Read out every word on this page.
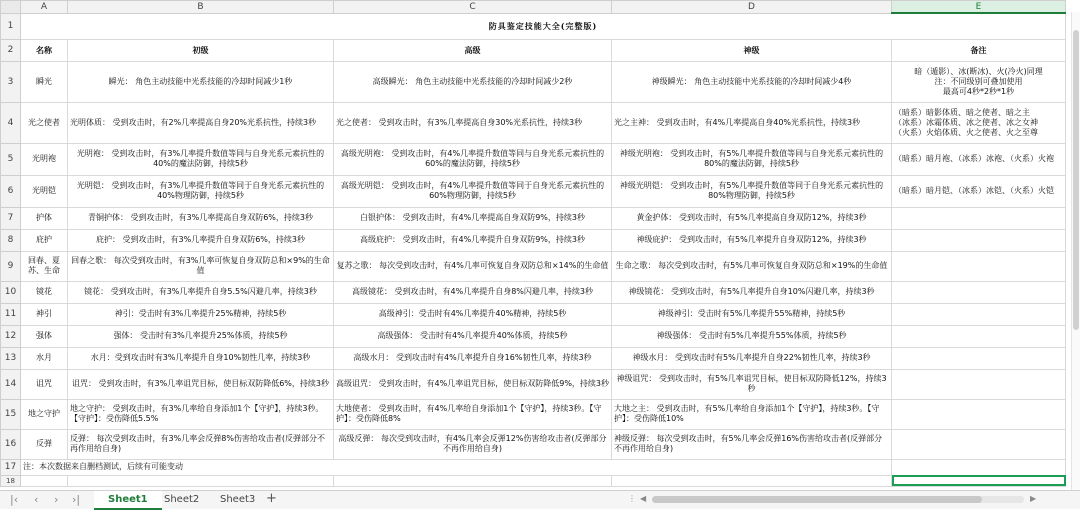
	A	B	C	D	E
1	防具鉴定技能大全(完整版)				
2	名称	初级	高级	神级	备注
3	瞬光	瞬光： 角色主动技能中光系技能的冷却时间减少1秒	高级瞬光： 角色主动技能中光系技能的冷却时间减少2秒	神级瞬光： 角色主动技能中光系技能的冷却时间减少4秒	暗（遁影）、冰(断冰)、火(冷火)同理
注：不同级别可叠加使用
最高可4秒*2秒*1秒
4	光之使者	光明体质： 受到攻击时，有2%几率提高自身20%光系抗性，持续3秒	光之使者： 受到攻击时，有3%几率提高自身30%光系抗性，持续3秒	光之主神： 受到攻击时，有4%几率提高自身40%光系抗性，持续3秒	（暗系）暗影体质、暗之使者、暗之主
（冰系）冰霜体质、冰之使者、冰之女神
（火系）火焰体质、火之使者、火之至尊
5	光明袍	光明袍： 受到攻击时，有3%几率提升数值等同与自身光系元素抗性的40%的魔法防御，持续5秒	高级光明袍： 受到攻击时，有4%几率提升数值等同与自身光系元素抗性的60%的魔法防御，持续5秒	神级光明袍： 受到攻击时，有5%几率提升数值等同与自身光系元素抗性的80%的魔法防御，持续5秒	（暗系）暗月袍、（冰系）冰袍、（火系）火袍
6	光明铠	光明铠： 受到攻击时，有3%几率提升数值等同于自身光系元素抗性的40%物理防御，持续5秒	高级光明铠： 受到攻击时，有4%几率提升数值等同于自身光系元素抗性的60%物理防御，持续5秒	神级光明铠： 受到攻击时，有5%几率提升数值等同于自身光系元素抗性的80%物理防御，持续5秒	（暗系）暗月铠、（冰系）冰铠、（火系）火铠
7	护体	青铜护体： 受到攻击时，有3%几率提高自身双防6%，持续3秒	白银护体： 受到攻击时，有4%几率提高自身双防9%，持续3秒	黄金护体： 受到攻击时，有5%几率提高自身双防12%，持续3秒	
8	庇护	庇护： 受到攻击时，有3%几率提升自身双防6%，持续3秒	高级庇护： 受到攻击时，有4%几率提升自身双防9%，持续3秒	神级庇护： 受到攻击时，有5%几率提升自身双防12%，持续3秒	
9	回春、夏苏、生命	回春之歌： 每次受到攻击时，有3%几率可恢复自身双防总和×9%的生命值	复苏之歌： 每次受到攻击时，有4%几率可恢复自身双防总和×14%的生命值	生命之歌： 每次受到攻击时，有5%几率可恢复自身双防总和×19%的生命值	
10	镜花	镜花： 受到攻击时，有3%几率提升自身5.5%闪避几率，持续3秒	高级镜花： 受到攻击时，有4%几率提升自身8%闪避几率，持续3秒	神级镜花： 受到攻击时，有5%几率提升自身10%闪避几率，持续3秒	
11	神引	神引：受击时有3%几率提升25%精神，持续5秒	高级神引：受击时有4%几率提升40%精神，持续5秒	神级神引：受击时有5%几率提升55%精神，持续5秒	
12	强体	强体： 受击时有3%几率提升25%体质，持续5秒	高级强体： 受击时有4%几率提升40%体质，持续5秒	神级强体： 受击时有5%几率提升55%体质，持续5秒	
13	水月	水月：受到攻击时有3%几率提升自身10%韧性几率，持续3秒	高级水月： 受到攻击时有4%几率提升自身16%韧性几率，持续3秒	神级水月： 受到攻击时有5%几率提升自身22%韧性几率，持续3秒	
14	诅咒	诅咒： 受到攻击时，有3%几率诅咒目标，使目标双防降低6%，持续3秒	高级诅咒： 受到攻击时，有4%几率诅咒目标，使目标双防降低9%，持续3秒	神级诅咒： 受到攻击时，有5%几率诅咒目标，使目标双防降低12%，持续3秒	
15	地之守护	地之守护： 受到攻击时，有3%几率给自身添加1个【守护】，持续3秒。【守护】：受伤降低5.5%	大地使者： 受到攻击时，有4%几率给自身添加1个【守护】，持续3秒。【守护】：受伤降低8%	大地之主： 受到攻击时，有5%几率给自身添加1个【守护】，持续3秒。【守护】：受伤降低10%	
16	反弹	反弹： 每次受到攻击时，有3%几率会反弹8%伤害给攻击者(反弹部分不再作用给自身)	高级反弹： 每次受到攻击时，有4%几率会反弹12%伤害给攻击者(反弹部分不再作用给自身)	神级反弹： 每次受到攻击时，有5%几率会反弹16%伤害给攻击者(反弹部分不再作用给自身)	
17	注：本次数据来自删档测试，后续有可能变动				
18					
|‹ ‹ › ›|	Sheet1	Sheet2	Sheet3 +	⋮ ◀	▶
